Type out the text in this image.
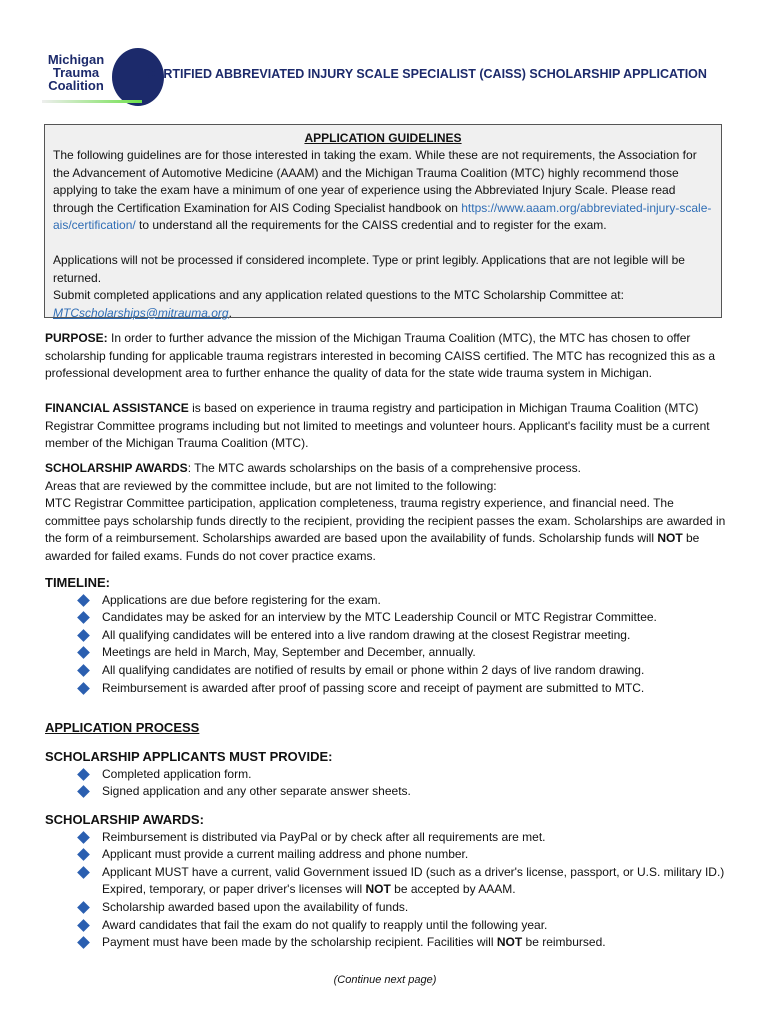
Michigan
Trauma
Coalition
CERTIFIED ABBREVIATED INJURY SCALE SPECIALIST (CAISS) SCHOLARSHIP APPLICATION
APPLICATION GUIDELINES

The following guidelines are for those interested in taking the exam. While these are not requirements, the Association for the Advancement of Automotive Medicine (AAAM) and the Michigan Trauma Coalition (MTC) highly recommend those applying to take the exam have a minimum of one year of experience using the Abbreviated Injury Scale. Please read through the Certification Examination for AIS Coding Specialist handbook on https://www.aaam.org/abbreviated-injury-scale-ais/certification/ to understand all the requirements for the CAISS credential and to register for the exam.

Applications will not be processed if considered incomplete. Type or print legibly. Applications that are not legible will be returned.

Submit completed applications and any application related questions to the MTC Scholarship Committee at:

MTCscholarships@mitrauma.org.

PURPOSE: In order to further advance the mission of the Michigan Trauma Coalition (MTC), the MTC has chosen to offer scholarship funding for applicable trauma registrars interested in becoming CAISS certified. The MTC has recognized this as a professional development area to further enhance the quality of data for the state wide trauma system in Michigan.

FINANCIAL ASSISTANCE is based on experience in trauma registry and participation in Michigan Trauma Coalition (MTC) Registrar Committee programs including but not limited to meetings and volunteer hours. Applicant's facility must be a current member of the Michigan Trauma Coalition (MTC).

SCHOLARSHIP AWARDS: The MTC awards scholarships on the basis of a comprehensive process.

Areas that are reviewed by the committee include, but are not limited to the following:

MTC Registrar Committee participation, application completeness, trauma registry experience, and financial need. The committee pays scholarship funds directly to the recipient, providing the recipient passes the exam. Scholarships are awarded in the form of a reimbursement. Scholarships awarded are based upon the availability of funds. Scholarship funds will NOT be awarded for failed exams. Funds do not cover practice exams.

TIMELINE:
Applications are due before registering for the exam.
Candidates may be asked for an interview by the MTC Leadership Council or MTC Registrar Committee.
All qualifying candidates will be entered into a live random drawing at the closest Registrar meeting.
Meetings are held in March, May, September and December, annually.
All qualifying candidates are notified of results by email or phone within 2 days of live random drawing.
Reimbursement is awarded after proof of passing score and receipt of payment are submitted to MTC.
APPLICATION PROCESS
SCHOLARSHIP APPLICANTS MUST PROVIDE:
Completed application form.
Signed application and any other separate answer sheets.
SCHOLARSHIP AWARDS:
Reimbursement is distributed via PayPal or by check after all requirements are met.
Applicant must provide a current mailing address and phone number.
Applicant MUST have a current, valid Government issued ID (such as a driver's license, passport, or U.S. military ID.) Expired, temporary, or paper driver's licenses will NOT be accepted by AAAM.
Scholarship awarded based upon the availability of funds.
Award candidates that fail the exam do not qualify to reapply until the following year.
Payment must have been made by the scholarship recipient. Facilities will NOT be reimbursed.
(Continue next page)
